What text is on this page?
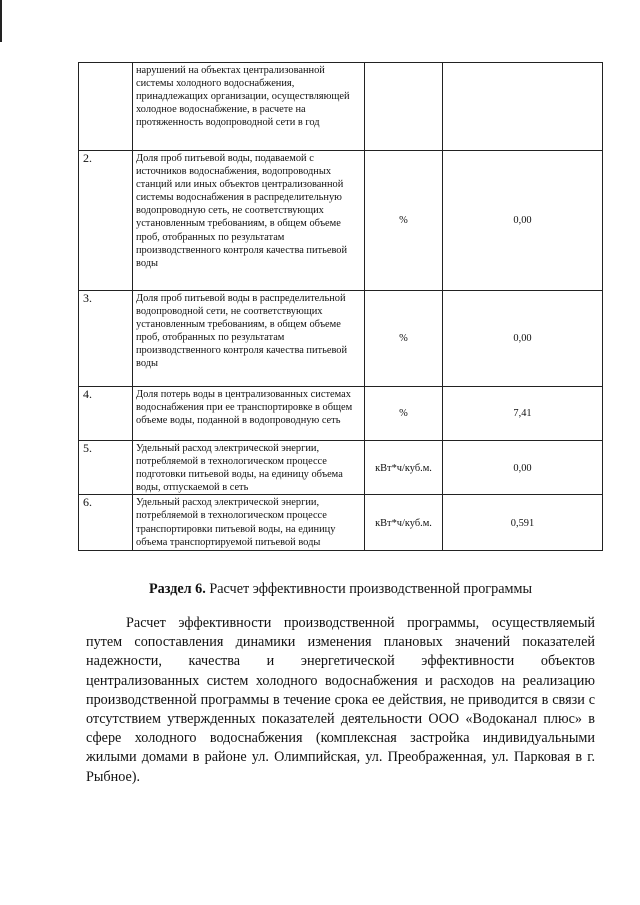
	нарушений на объектах централизованной системы холодного водоснабжения, принадлежащих организации, осуществляющей холодное водоснабжение, в расчете на протяженность водопроводной сети в год		
2.	Доля проб питьевой воды, подаваемой с источников водоснабжения, водопроводных станций или иных объектов централизованной системы водоснабжения в распределительную водопроводную сеть, не соответствующих установленным требованиям, в общем объеме проб, отобранных по результатам производственного контроля качества питьевой воды	%	0,00
3.	Доля проб питьевой воды в распределительной водопроводной сети, не соответствующих установленным требованиям, в общем объеме проб, отобранных по результатам производственного контроля качества питьевой воды	%	0,00
4.	Доля потерь воды в централизованных системах водоснабжения при ее транспортировке в общем объеме воды, поданной в водопроводную сеть	%	7,41
5.	Удельный расход электрической энергии, потребляемой в технологическом процессе подготовки питьевой воды, на единицу объема воды, отпускаемой в сеть	кВт*ч/куб.м.	0,00
6.	Удельный расход электрической энергии, потребляемой в технологическом процессе транспортировки питьевой воды, на единицу объема транспортируемой питьевой воды	кВт*ч/куб.м.	0,591
Раздел 6. Расчет эффективности производственной программы

Расчет эффективности производственной программы, осуществляемый путем сопоставления динамики изменения плановых значений показателей надежности, качества и энергетической эффективности объектов централизованных систем холодного водоснабжения и расходов на реализацию производственной программы в течение срока ее действия, не приводится в связи с отсутствием утвержденных показателей деятельности ООО «Водоканал плюс» в сфере холодного водоснабжения (комплексная застройка индивидуальными жилыми домами в районе ул. Олимпийская, ул. Преображенная, ул. Парковая в г. Рыбное).
